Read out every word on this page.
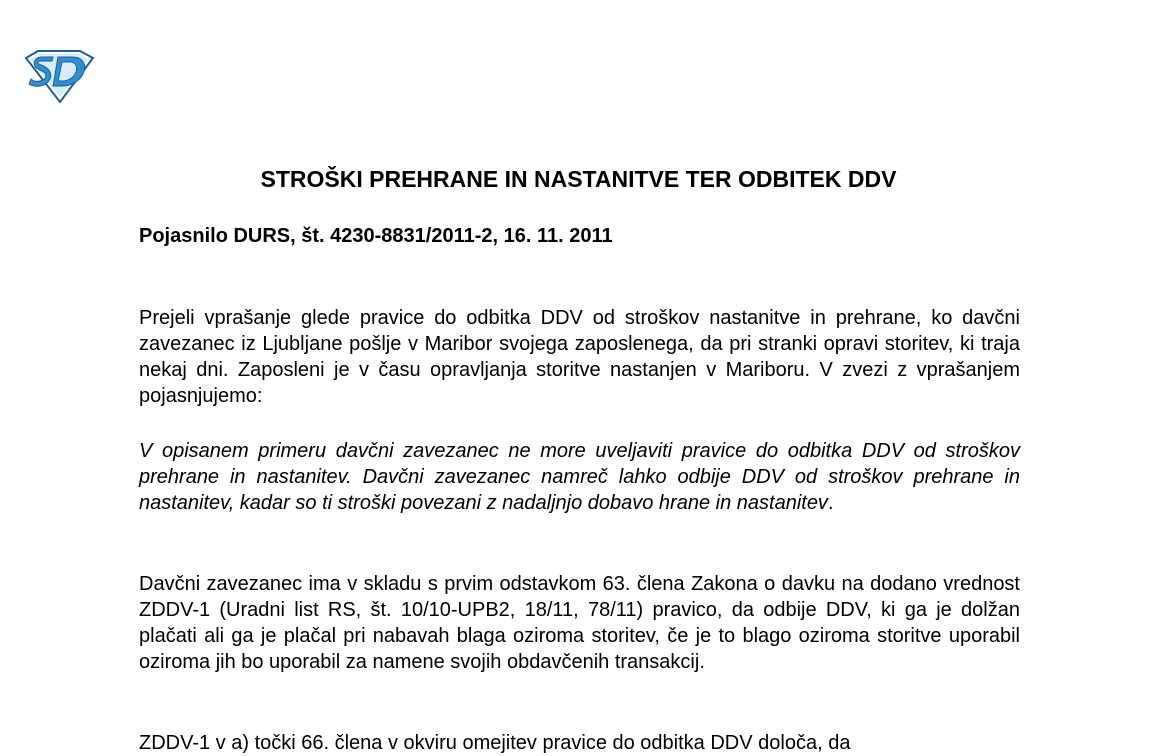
STROŠKI PREHRANE IN NASTANITVE TER ODBITEK DDV

Pojasnilo DURS, št. 4230-8831/2011-2, 16. 11. 2011

Prejeli vprašanje glede pravice do odbitka DDV od stroškov nastanitve in prehrane, ko davčni zavezanec iz Ljubljane pošlje v Maribor svojega zaposlenega, da pri stranki opravi storitev, ki traja nekaj dni. Zaposleni je v času opravljanja storitve nastanjen v Mariboru. V zvezi z vprašanjem pojasnjujemo:

V opisanem primeru davčni zavezanec ne more uveljaviti pravice do odbitka DDV od stroškov prehrane in nastanitev. Davčni zavezanec namreč lahko odbije DDV od stroškov prehrane in nastanitev, kadar so ti stroški povezani z nadaljnjo dobavo hrane in nastanitev.

Davčni zavezanec ima v skladu s prvim odstavkom 63. člena Zakona o davku na dodano vrednost ZDDV-1 (Uradni list RS, št. 10/10-UPB2, 18/11, 78/11) pravico, da odbije DDV, ki ga je dolžan plačati ali ga je plačal pri nabavah blaga oziroma storitev, če je to blago oziroma storitve uporabil oziroma jih bo uporabil za namene svojih obdavčenih transakcij.

ZDDV-1 v a) točki 66. člena v okviru omejitev pravice do odbitka DDV določa, da
